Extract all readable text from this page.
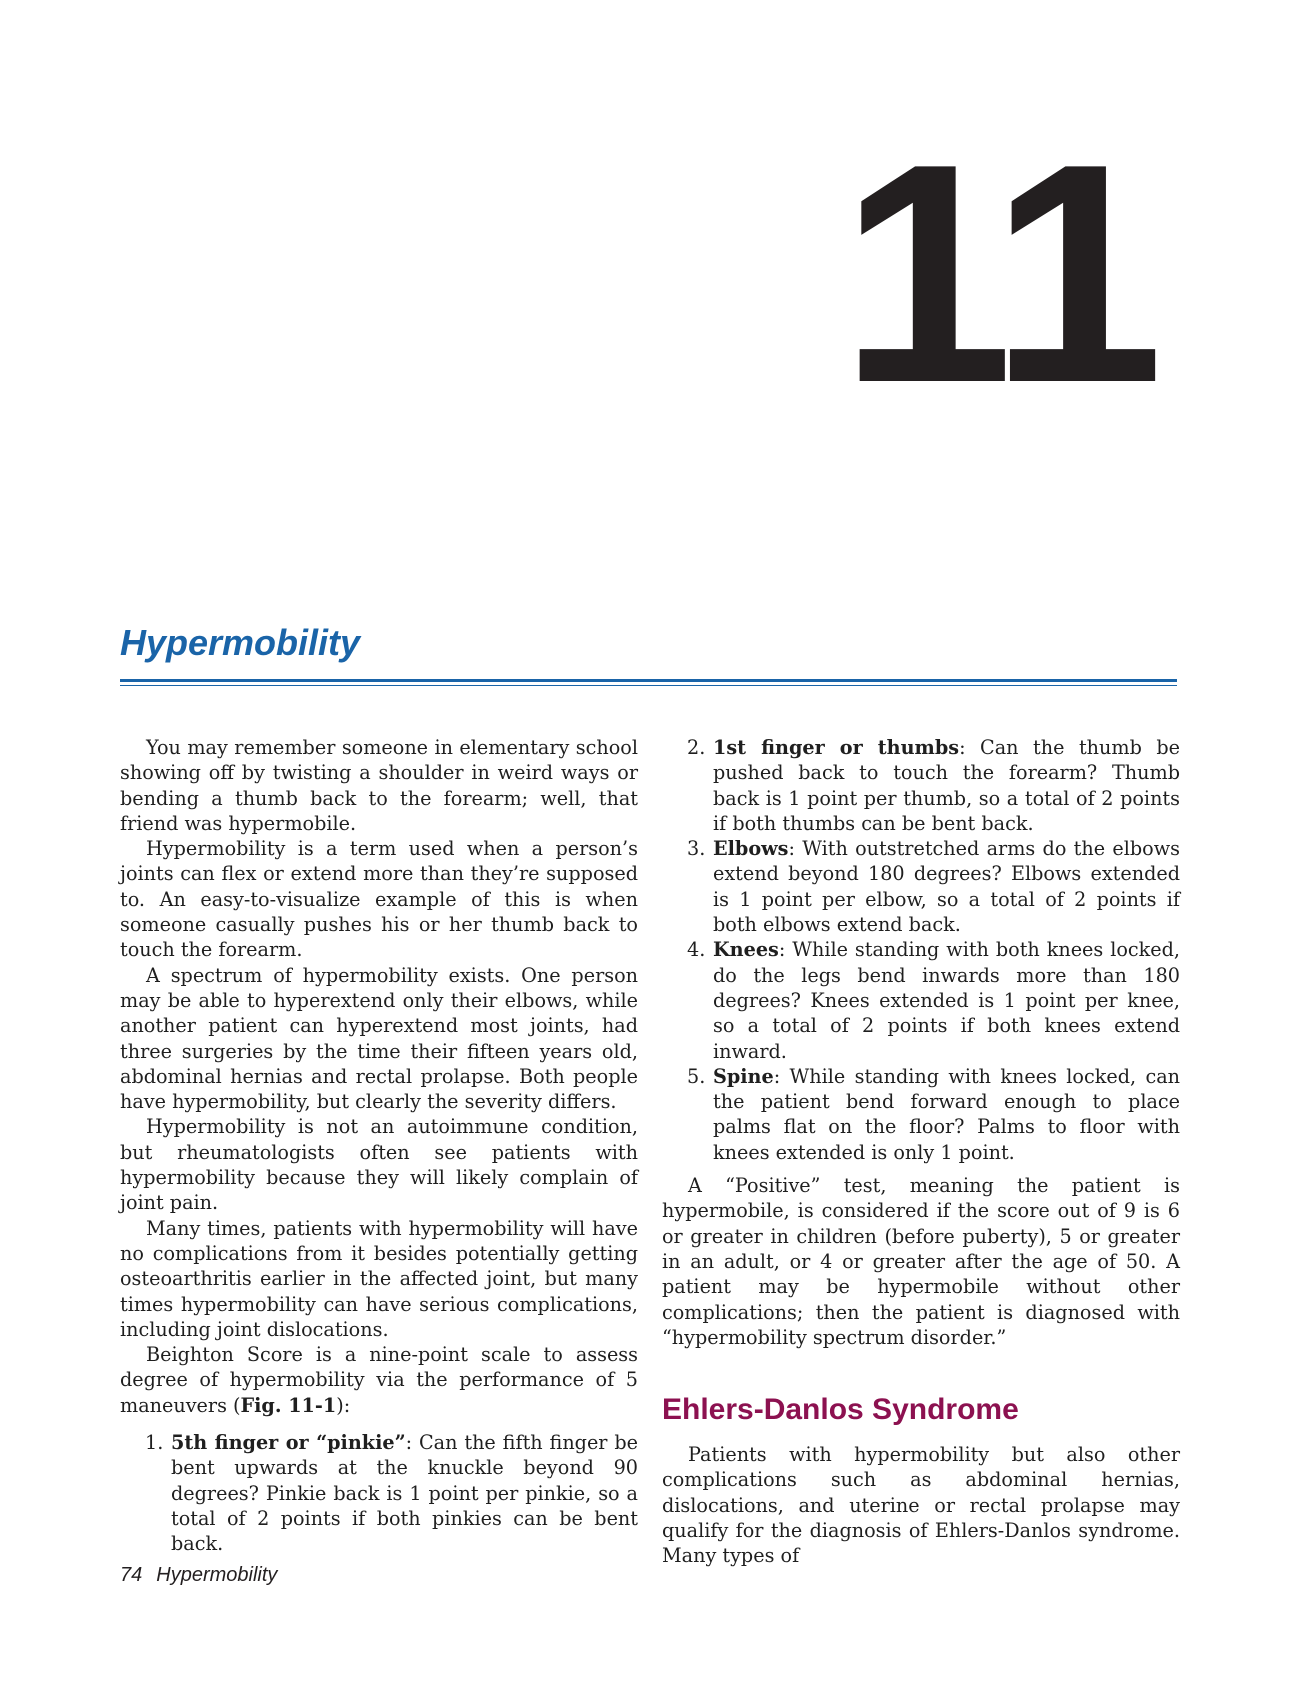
11
Hypermobility

You may remember someone in elementary school showing off by twisting a shoulder in weird ways or bending a thumb back to the forearm; well, that friend was hypermobile.

Hypermobility is a term used when a person’s joints can flex or extend more than they’re supposed to. An easy-to-visualize example of this is when someone casually pushes his or her thumb back to touch the forearm.

A spectrum of hypermobility exists. One person may be able to hyperextend only their elbows, while another patient can hyperextend most joints, had three surgeries by the time their fifteen years old, abdominal hernias and rectal prolapse. Both people have hypermobility, but clearly the severity differs.

Hypermobility is not an autoimmune condition, but rheumatologists often see patients with hypermobility because they will likely complain of joint pain.

Many times, patients with hypermobility will have no complications from it besides potentially getting osteoarthritis earlier in the affected joint, but many times hypermobility can have serious complications, including joint dislocations.

Beighton Score is a nine-point scale to assess degree of hypermobility via the performance of 5 maneuvers (Fig. 11-1):

1. 5th finger or “pinkie”: Can the fifth finger be bent upwards at the knuckle beyond 90 degrees? Pinkie back is 1 point per pinkie, so a total of 2 points if both pinkies can be bent back.
2. 1st finger or thumbs: Can the thumb be pushed back to touch the forearm? Thumb back is 1 point per thumb, so a total of 2 points if both thumbs can be bent back.
3. Elbows: With outstretched arms do the elbows extend beyond 180 degrees? Elbows extended is 1 point per elbow, so a total of 2 points if both elbows extend back.
4. Knees: While standing with both knees locked, do the legs bend inwards more than 180 degrees? Knees extended is 1 point per knee, so a total of 2 points if both knees extend inward.
5. Spine: While standing with knees locked, can the patient bend forward enough to place palms flat on the floor? Palms to floor with knees extended is only 1 point.

A “Positive” test, meaning the patient is hypermobile, is considered if the score out of 9 is 6 or greater in children (before puberty), 5 or greater in an adult, or 4 or greater after the age of 50. A patient may be hypermobile without other complications; then the patient is diagnosed with “hypermobility spectrum disorder.”

Ehlers-Danlos Syndrome

Patients with hypermobility but also other complications such as abdominal hernias, dislocations, and uterine or rectal prolapse may qualify for the diagnosis of Ehlers-Danlos syndrome. Many types of

74 Hypermobility
